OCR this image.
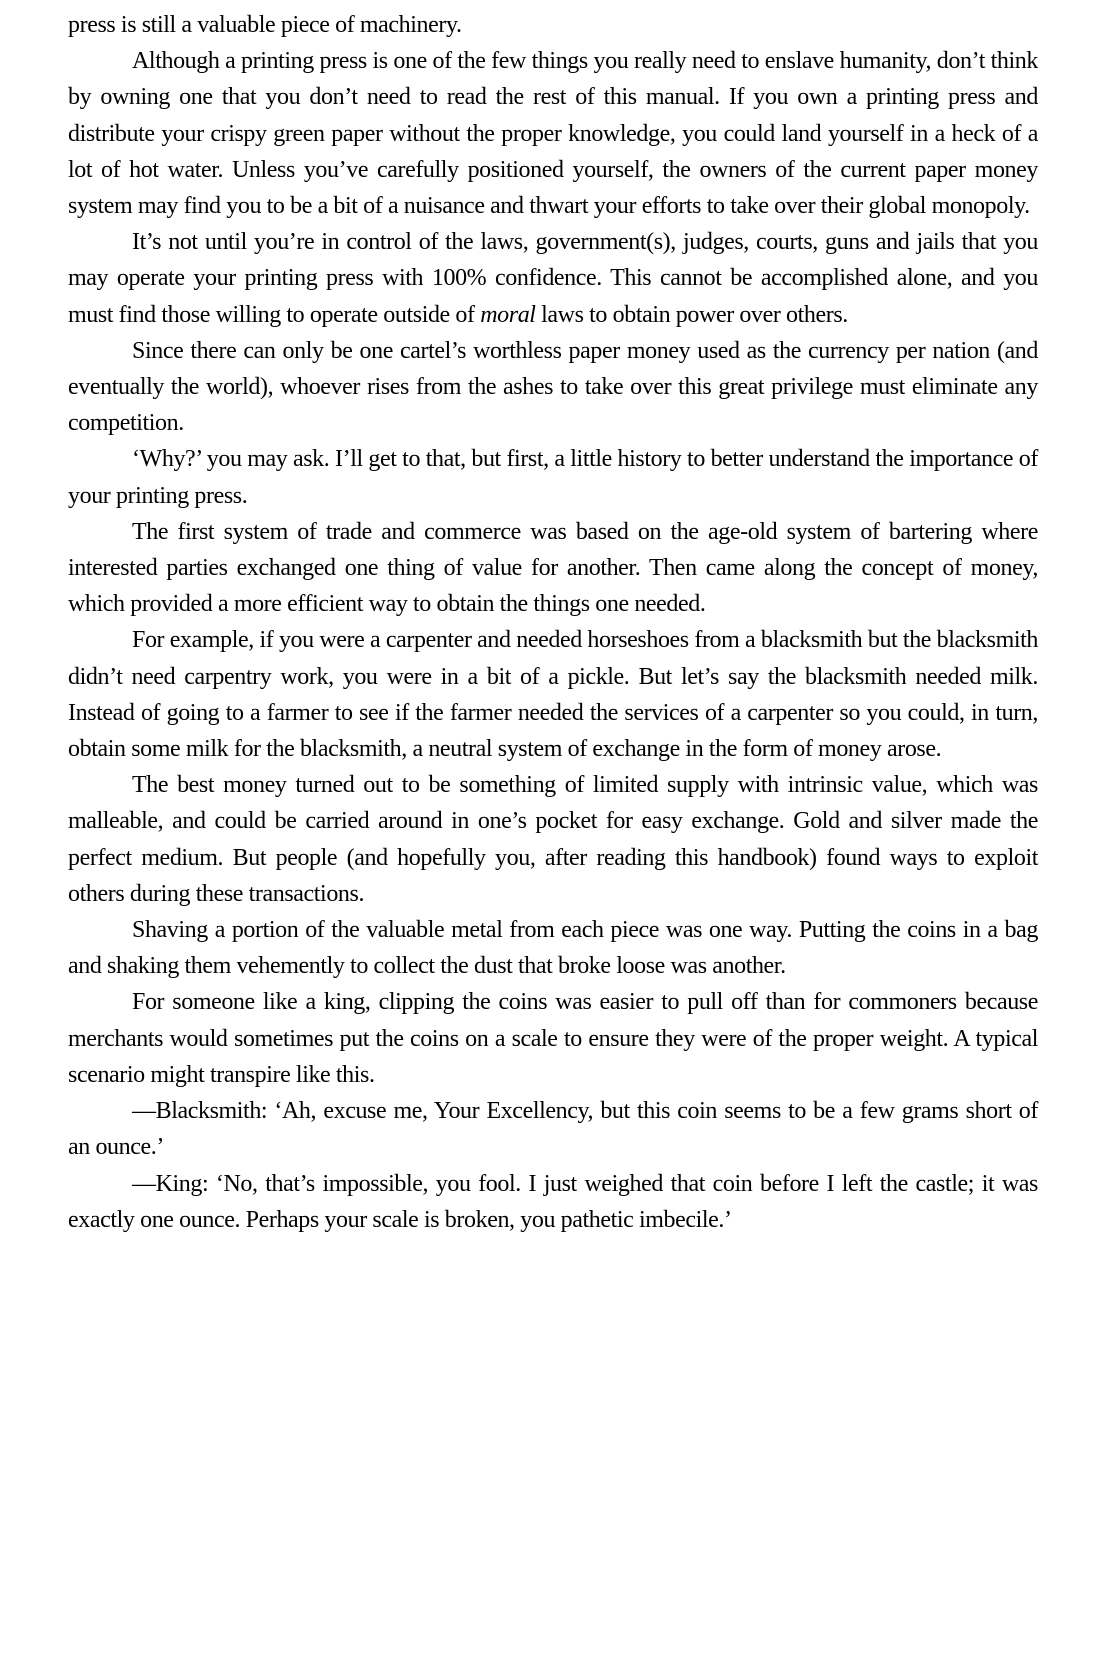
press is still a valuable piece of machinery.

Although a printing press is one of the few things you really need to enslave humanity, don’t think by owning one that you don’t need to read the rest of this manual. If you own a printing press and distribute your crispy green paper without the proper knowledge, you could land yourself in a heck of a lot of hot water. Unless you’ve carefully positioned yourself, the owners of the current paper money system may find you to be a bit of a nuisance and thwart your efforts to take over their global monopoly.

It’s not until you’re in control of the laws, government(s), judges, courts, guns and jails that you may operate your printing press with 100% confidence. This cannot be accomplished alone, and you must find those willing to operate outside of moral laws to obtain power over others.

Since there can only be one cartel’s worthless paper money used as the currency per nation (and eventually the world), whoever rises from the ashes to take over this great privilege must eliminate any competition.

‘Why?’ you may ask. I’ll get to that, but first, a little history to better understand the importance of your printing press.

The first system of trade and commerce was based on the age-old system of bartering where interested parties exchanged one thing of value for another. Then came along the concept of money, which provided a more efficient way to obtain the things one needed.

For example, if you were a carpenter and needed horseshoes from a blacksmith but the blacksmith didn’t need carpentry work, you were in a bit of a pickle. But let’s say the blacksmith needed milk. Instead of going to a farmer to see if the farmer needed the services of a carpenter so you could, in turn, obtain some milk for the blacksmith, a neutral system of exchange in the form of money arose.

The best money turned out to be something of limited supply with intrinsic value, which was malleable, and could be carried around in one’s pocket for easy exchange. Gold and silver made the perfect medium. But people (and hopefully you, after reading this handbook) found ways to exploit others during these transactions.

Shaving a portion of the valuable metal from each piece was one way. Putting the coins in a bag and shaking them vehemently to collect the dust that broke loose was another.

For someone like a king, clipping the coins was easier to pull off than for commoners because merchants would sometimes put the coins on a scale to ensure they were of the proper weight. A typical scenario might transpire like this.

—Blacksmith: ‘Ah, excuse me, Your Excellency, but this coin seems to be a few grams short of an ounce.’

—King: ‘No, that’s impossible, you fool. I just weighed that coin before I left the castle; it was exactly one ounce. Perhaps your scale is broken, you pathetic imbecile.’
